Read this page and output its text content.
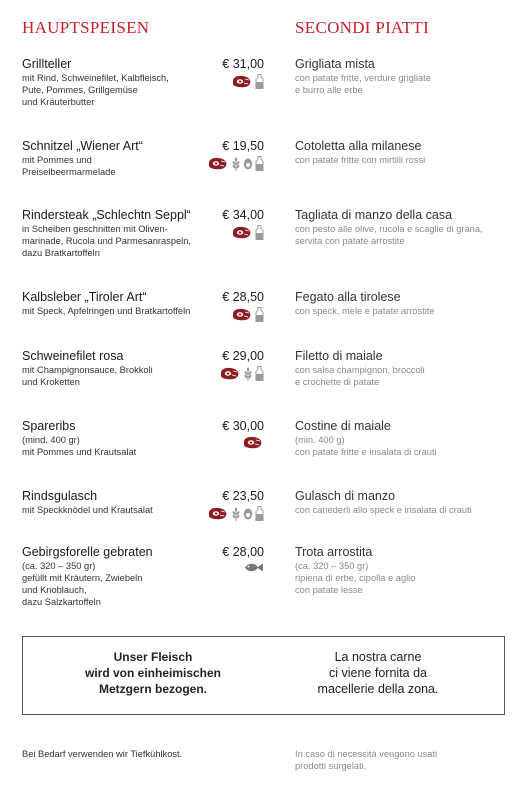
HAUPTSPEISEN	SECONDI PIATTI
Grillteller
mit Rind, Schweinefilet, Kalbfleisch,
Pute, Pommes, Grillgemüse
und Kräuterbutter
€ 31,00 Grigliata mista
con patate fritte, verdure grigliate
e burro alle erbe
Schnitzel „Wiener Art“
mit Pommes und
Preiselbeermarmelade
€ 19,50 Cotoletta alla milanese
con patate fritte con mirtilli rossi
Rindersteak „Schlechtn Seppl“
in Scheiben geschnitten mit Oliven-
marinade, Rucola und Parmesanraspeln,
dazu Bratkartoffeln
€ 34,00 Tagliata di manzo della casa
con pesto alle olive, rucola e scaglie di grana,
servita con patate arrostite
Kalbsleber „Tiroler Art“
mit Speck, Apfelringen und Bratkartoffeln
€ 28,50 Fegato alla tirolese
con speck, mele e patate arrostite
Schweinefilet rosa
mit Champignonsauce, Brokkoli
und Kroketten
€ 29,00 Filetto di maiale
con salsa champignon, broccoli
e crochette di patate
Spareribs
(mind. 400 gr)
mit Pommes und Krautsalat
€ 30,00 Costine di maiale
(min. 400 g)
con patate fritte e insalata di crauti
Rindsgulasch
mit Speckknödel und Krautsalat
€ 23,50 Gulasch di manzo
con canederli allo speck e insalata di crauti
Gebirgsforelle gebraten
(ca. 320 – 350 gr)
gefüllt mit Kräutern, Zwiebeln
und Knoblauch,
dazu Salzkartoffeln
€ 28,00 Trota arrostita
(ca. 320 – 350 gr)
ripiena di erbe, cipolla e aglio
con patate lesse
Unser Fleisch
wird von einheimischen
Metzgern bezogen.
La nostra carne
ci viene fornita da
macellerie della zona.
Bei Bedarf verwenden wir Tiefkühlkost.	In caso di necessità vengono usati
prodotti surgelati.
